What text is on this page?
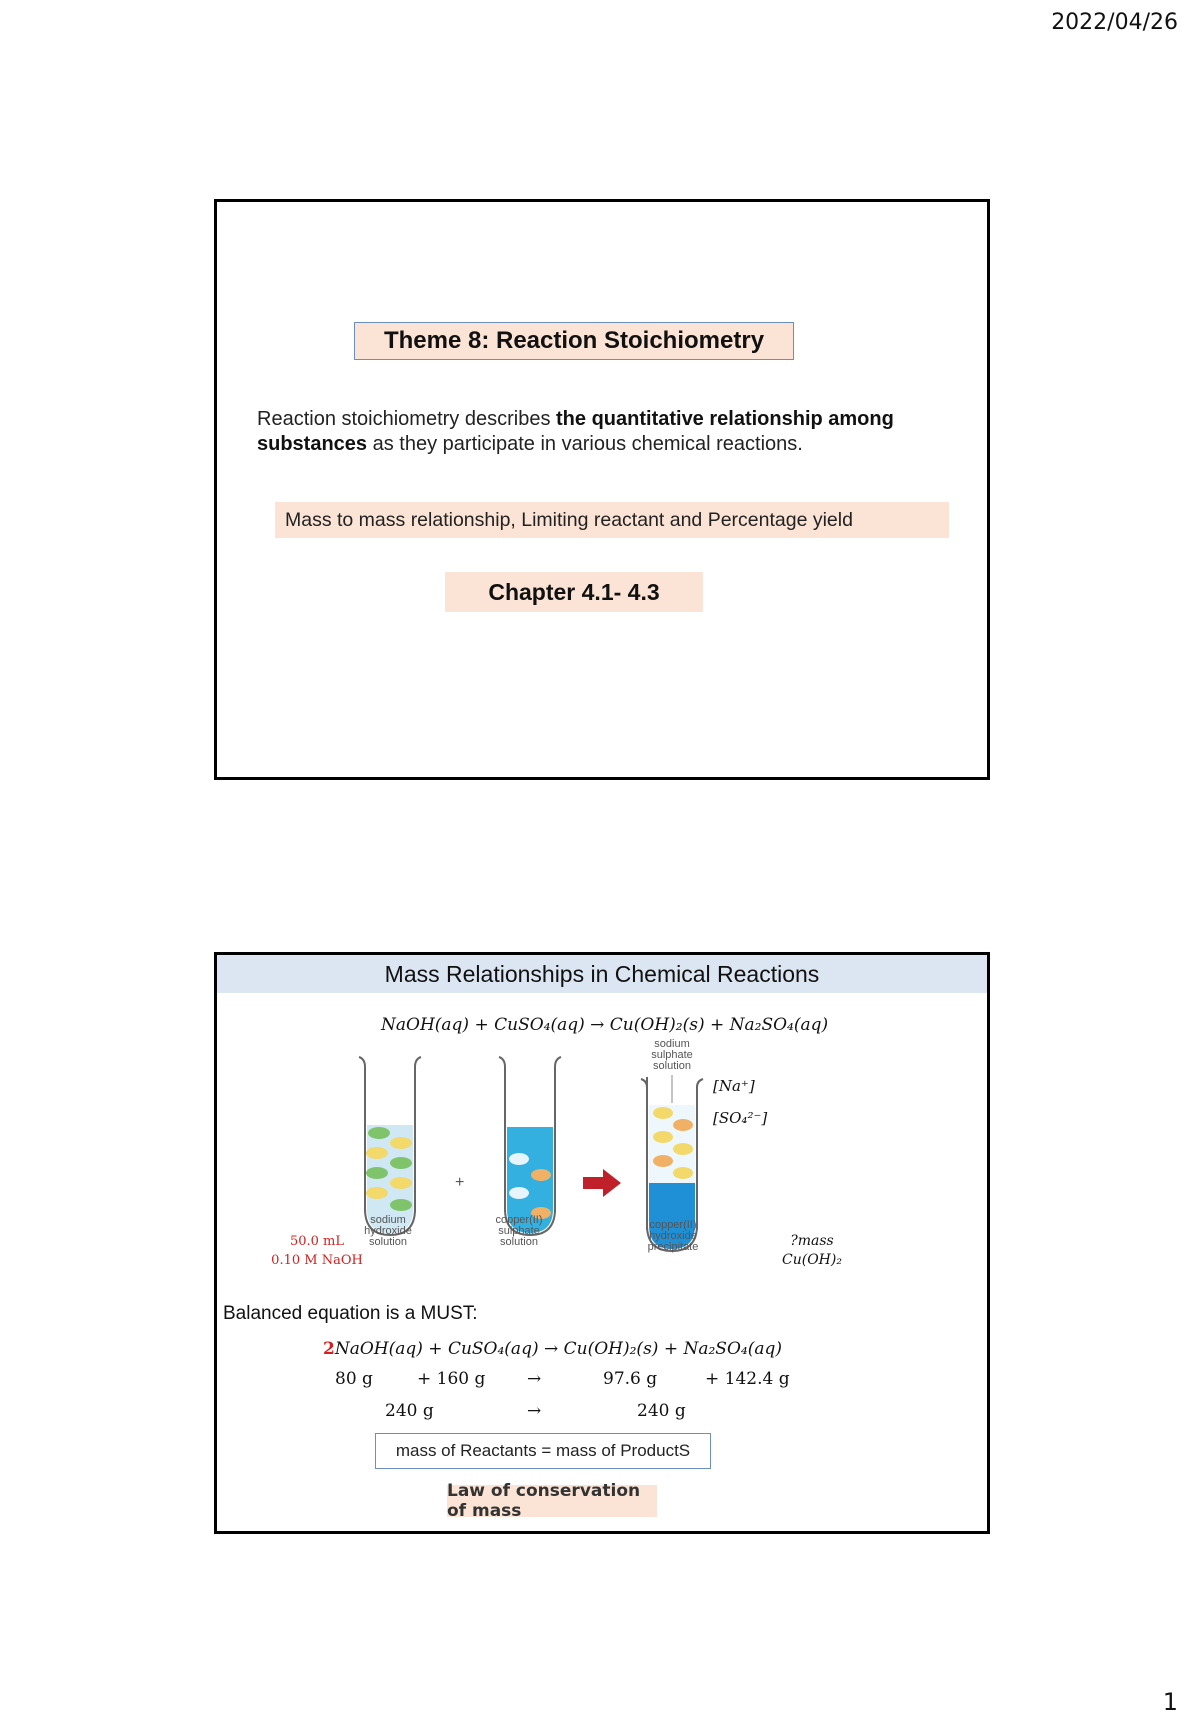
2022/04/26
Theme 8: Reaction Stoichiometry
Reaction stoichiometry describes the quantitative relationship among substances as they participate in various chemical reactions.
Mass to mass relationship, Limiting reactant and Percentage yield
Chapter 4.1- 4.3
Mass Relationships in Chemical Reactions
NaOH(aq) + CuSO₄(aq) → Cu(OH)₂(s) + Na₂SO₄(aq)
+
[Na⁺]
[SO₄²⁻]
sodium hydroxide solution
copper(II) sulphate solution
sodium sulphate solution
copper(II) hydroxide precipitate
50.0 mL
0.10 M NaOH
?mass
Cu(OH)₂
Balanced equation is a MUST:
2NaOH(aq) + CuSO₄(aq) → Cu(OH)₂(s) + Na₂SO₄(aq)
80 g	+ 160 g →	97.6 g	+ 142.4 g
240 g	→	240 g
mass of Reactants = mass of ProductS
Law of conservation of mass
1
